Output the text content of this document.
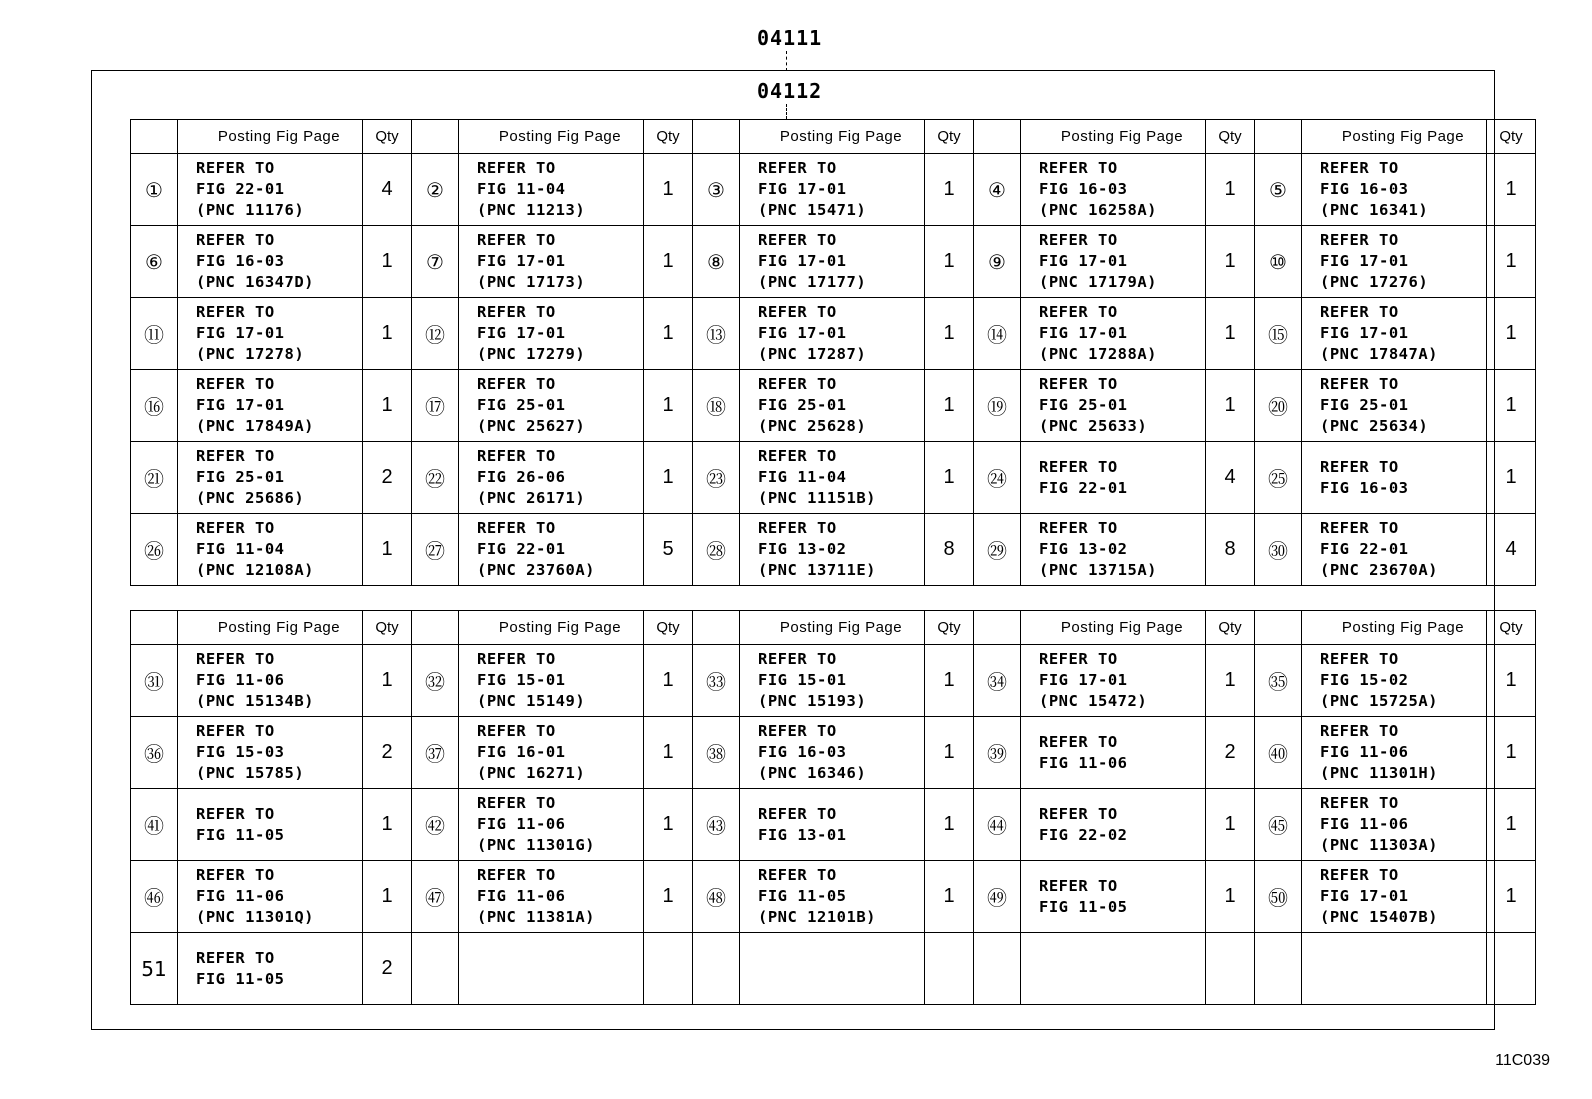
04111
04112
	Posting Fig Page	Qty		Posting Fig Page	Qty		Posting Fig Page	Qty		Posting Fig Page	Qty		Posting Fig Page	Qty
①	REFER TO
FIG 22-01
(PNC 11176)	4	②	REFER TO
FIG 11-04
(PNC 11213)	1	③	REFER TO
FIG 17-01
(PNC 15471)	1	④	REFER TO
FIG 16-03
(PNC 16258A)	1	⑤	REFER TO
FIG 16-03
(PNC 16341)	1
⑥	REFER TO
FIG 16-03
(PNC 16347D)	1	⑦	REFER TO
FIG 17-01
(PNC 17173)	1	⑧	REFER TO
FIG 17-01
(PNC 17177)	1	⑨	REFER TO
FIG 17-01
(PNC 17179A)	1	⑩	REFER TO
FIG 17-01
(PNC 17276)	1
⑪	REFER TO
FIG 17-01
(PNC 17278)	1	⑫	REFER TO
FIG 17-01
(PNC 17279)	1	⑬	REFER TO
FIG 17-01
(PNC 17287)	1	⑭	REFER TO
FIG 17-01
(PNC 17288A)	1	⑮	REFER TO
FIG 17-01
(PNC 17847A)	1
⑯	REFER TO
FIG 17-01
(PNC 17849A)	1	⑰	REFER TO
FIG 25-01
(PNC 25627)	1	⑱	REFER TO
FIG 25-01
(PNC 25628)	1	⑲	REFER TO
FIG 25-01
(PNC 25633)	1	⑳	REFER TO
FIG 25-01
(PNC 25634)	1
㉑	REFER TO
FIG 25-01
(PNC 25686)	2	㉒	REFER TO
FIG 26-06
(PNC 26171)	1	㉓	REFER TO
FIG 11-04
(PNC 11151B)	1	㉔	REFER TO
FIG 22-01	4	㉕	REFER TO
FIG 16-03	1
㉖	REFER TO
FIG 11-04
(PNC 12108A)	1	㉗	REFER TO
FIG 22-01
(PNC 23760A)	5	㉘	REFER TO
FIG 13-02
(PNC 13711E)	8	㉙	REFER TO
FIG 13-02
(PNC 13715A)	8	㉚	REFER TO
FIG 22-01
(PNC 23670A)	4
	Posting Fig Page	Qty		Posting Fig Page	Qty		Posting Fig Page	Qty		Posting Fig Page	Qty		Posting Fig Page	Qty
㉛	REFER TO
FIG 11-06
(PNC 15134B)	1	㉜	REFER TO
FIG 15-01
(PNC 15149)	1	㉝	REFER TO
FIG 15-01
(PNC 15193)	1	㉞	REFER TO
FIG 17-01
(PNC 15472)	1	㉟	REFER TO
FIG 15-02
(PNC 15725A)	1
㊱	REFER TO
FIG 15-03
(PNC 15785)	2	㊲	REFER TO
FIG 16-01
(PNC 16271)	1	㊳	REFER TO
FIG 16-03
(PNC 16346)	1	㊴	REFER TO
FIG 11-06	2	㊵	REFER TO
FIG 11-06
(PNC 11301H)	1
㊶	REFER TO
FIG 11-05	1	㊷	REFER TO
FIG 11-06
(PNC 11301G)	1	㊸	REFER TO
FIG 13-01	1	㊹	REFER TO
FIG 22-02	1	㊺	REFER TO
FIG 11-06
(PNC 11303A)	1
㊻	REFER TO
FIG 11-06
(PNC 11301Q)	1	㊼	REFER TO
FIG 11-06
(PNC 11381A)	1	㊽	REFER TO
FIG 11-05
(PNC 12101B)	1	㊾	REFER TO
FIG 11-05	1	㊿	REFER TO
FIG 17-01
(PNC 15407B)	1
51	REFER TO
FIG 11-05	2												
11C039
